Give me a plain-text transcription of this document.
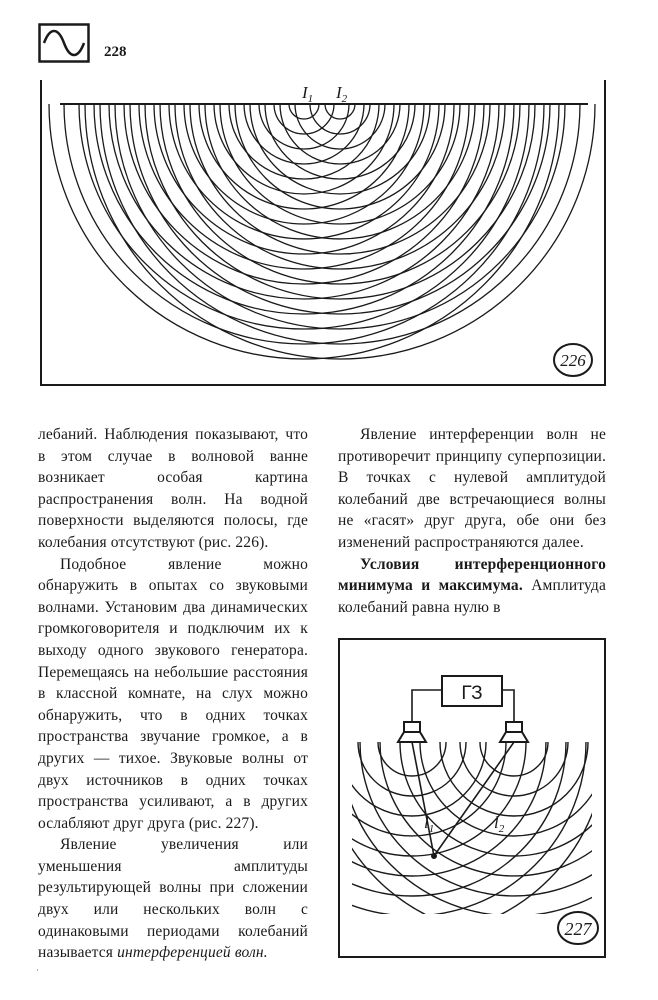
228
$I_1$ $I_2$
226

лебаний. Наблюдения показывают, что в этом случае в волновой ванне возникает особая картина распространения волн. На водной поверхности выделяются полосы, где колебания отсутствуют (рис. 226).

Подобное явление можно обнаружить в опытах со звуковыми волнами. Установим два динамических громкоговорителя и подключим их к выходу одного звукового генератора. Перемещаясь на небольшие расстояния в классной комнате, на слух можно обнаружить, что в одних точках пространства звучание громкое, а в других — тихое. Звуковые волны от двух источников в одних точках пространства усиливают, а в других ослабляют друг друга (рис. 227).

Явление увеличения или уменьшения амплитуды результирующей волны при сложении двух или нескольких волн с одинаковыми периодами колебаний называется интерференцией волн.

Явление интерференции волн не противоречит принципу суперпозиции. В точках с нулевой амплитудой колебаний две встречающиеся волны не «гасят» друг друга, обе они без изменений распространяются далее.

Условия интерференционного минимума и максимума. Амплитуда колебаний равна нулю в

ГЗ
$l_1$	$l_2$
227
·
